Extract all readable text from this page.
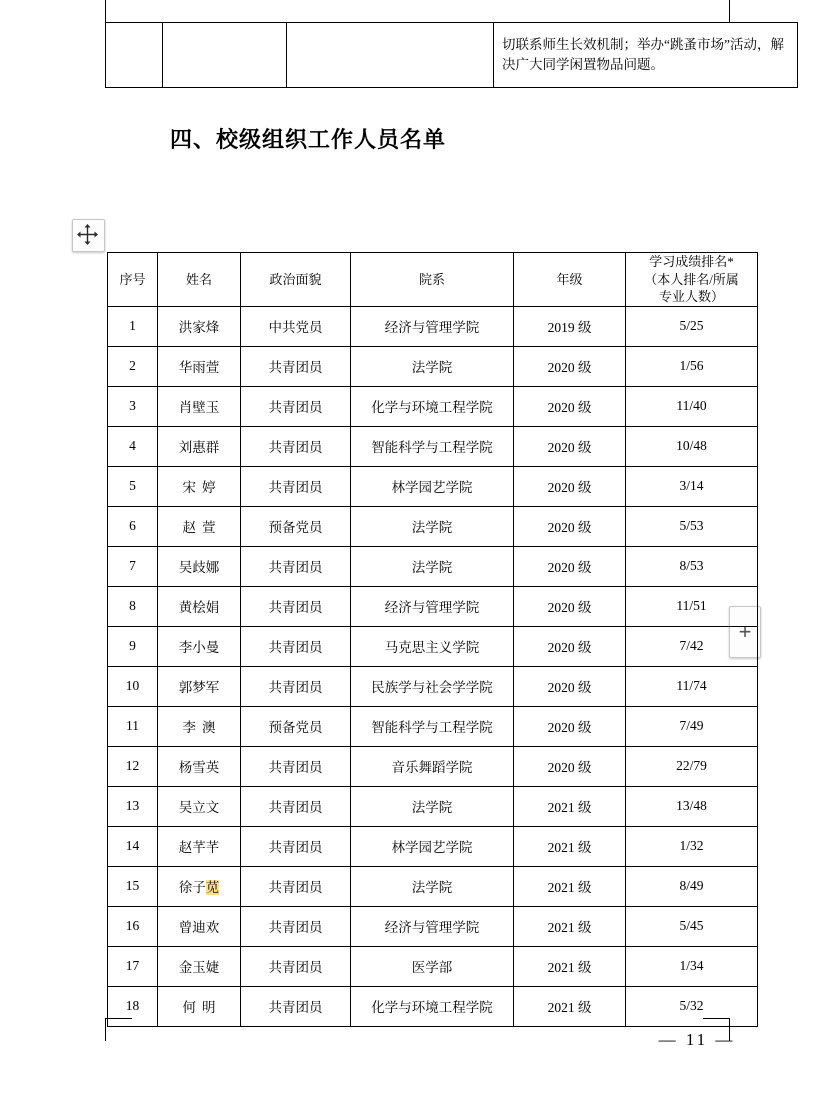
			切联系师生长效机制；举办“跳蚤市场”活动，解决广大同学闲置物品问题。
四、校级组织工作人员名单
+
序号	姓名	政治面貌	院系	年级	学习成绩排名*
（本人排名/所属
专业人数）

1	洪家烽	中共党员	经济与管理学院	2019 级	5/25
2	华雨萱	共青团员	法学院	2020 级	1/56
3	肖壁玉	共青团员	化学与环境工程学院	2020 级	11/40
4	刘惠群	共青团员	智能科学与工程学院	2020 级	10/48
5	宋婷	共青团员	林学园艺学院	2020 级	3/14
6	赵萱	预备党员	法学院	2020 级	5/53
7	吴歧娜	共青团员	法学院	2020 级	8/53
8	黄桧娟	共青团员	经济与管理学院	2020 级	11/51
9	李小曼	共青团员	马克思主义学院	2020 级	7/42
10	郭梦军	共青团员	民族学与社会学学院	2020 级	11/74
11	李澳	预备党员	智能科学与工程学院	2020 级	7/49
12	杨雪英	共青团员	音乐舞蹈学院	2020 级	22/79
13	吴立文	共青团员	法学院	2021 级	13/48
14	赵芊芊	共青团员	林学园艺学院	2021 级	1/32
15	徐子苋	共青团员	法学院	2021 级	8/49
16	曾迪欢	共青团员	经济与管理学院	2021 级	5/45
17	金玉婕	共青团员	医学部	2021 级	1/34
18	何明	共青团员	化学与环境工程学院	2021 级	5/32
— 11 —
